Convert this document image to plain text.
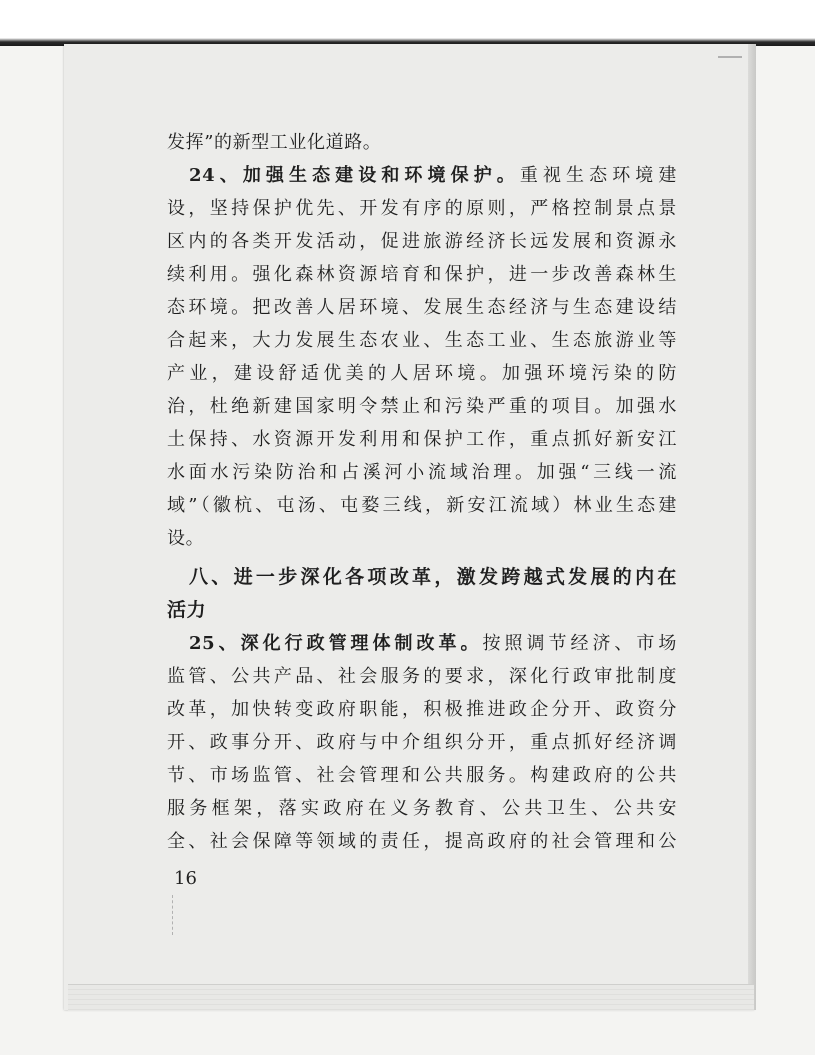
发挥”的新型工业化道路。
24、加强生态建设和环境保护。重视生态环境建
设，坚持保护优先、开发有序的原则，严格控制景点景
区内的各类开发活动，促进旅游经济长远发展和资源永
续利用。强化森林资源培育和保护，进一步改善森林生
态环境。把改善人居环境、发展生态经济与生态建设结
合起来，大力发展生态农业、生态工业、生态旅游业等
产业，建设舒适优美的人居环境。加强环境污染的防
治，杜绝新建国家明令禁止和污染严重的项目。加强水
土保持、水资源开发利用和保护工作，重点抓好新安江
水面水污染防治和占溪河小流域治理。加强“三线一流
域”（徽杭、屯汤、屯婺三线，新安江流域）林业生态建
设。
八、进一步深化各项改革，激发跨越式发展的内在
活力
25、深化行政管理体制改革。按照调节经济、市场
监管、公共产品、社会服务的要求，深化行政审批制度
改革，加快转变政府职能，积极推进政企分开、政资分
开、政事分开、政府与中介组织分开，重点抓好经济调
节、市场监管、社会管理和公共服务。构建政府的公共
服务框架，落实政府在义务教育、公共卫生、公共安
全、社会保障等领域的责任，提高政府的社会管理和公
16
